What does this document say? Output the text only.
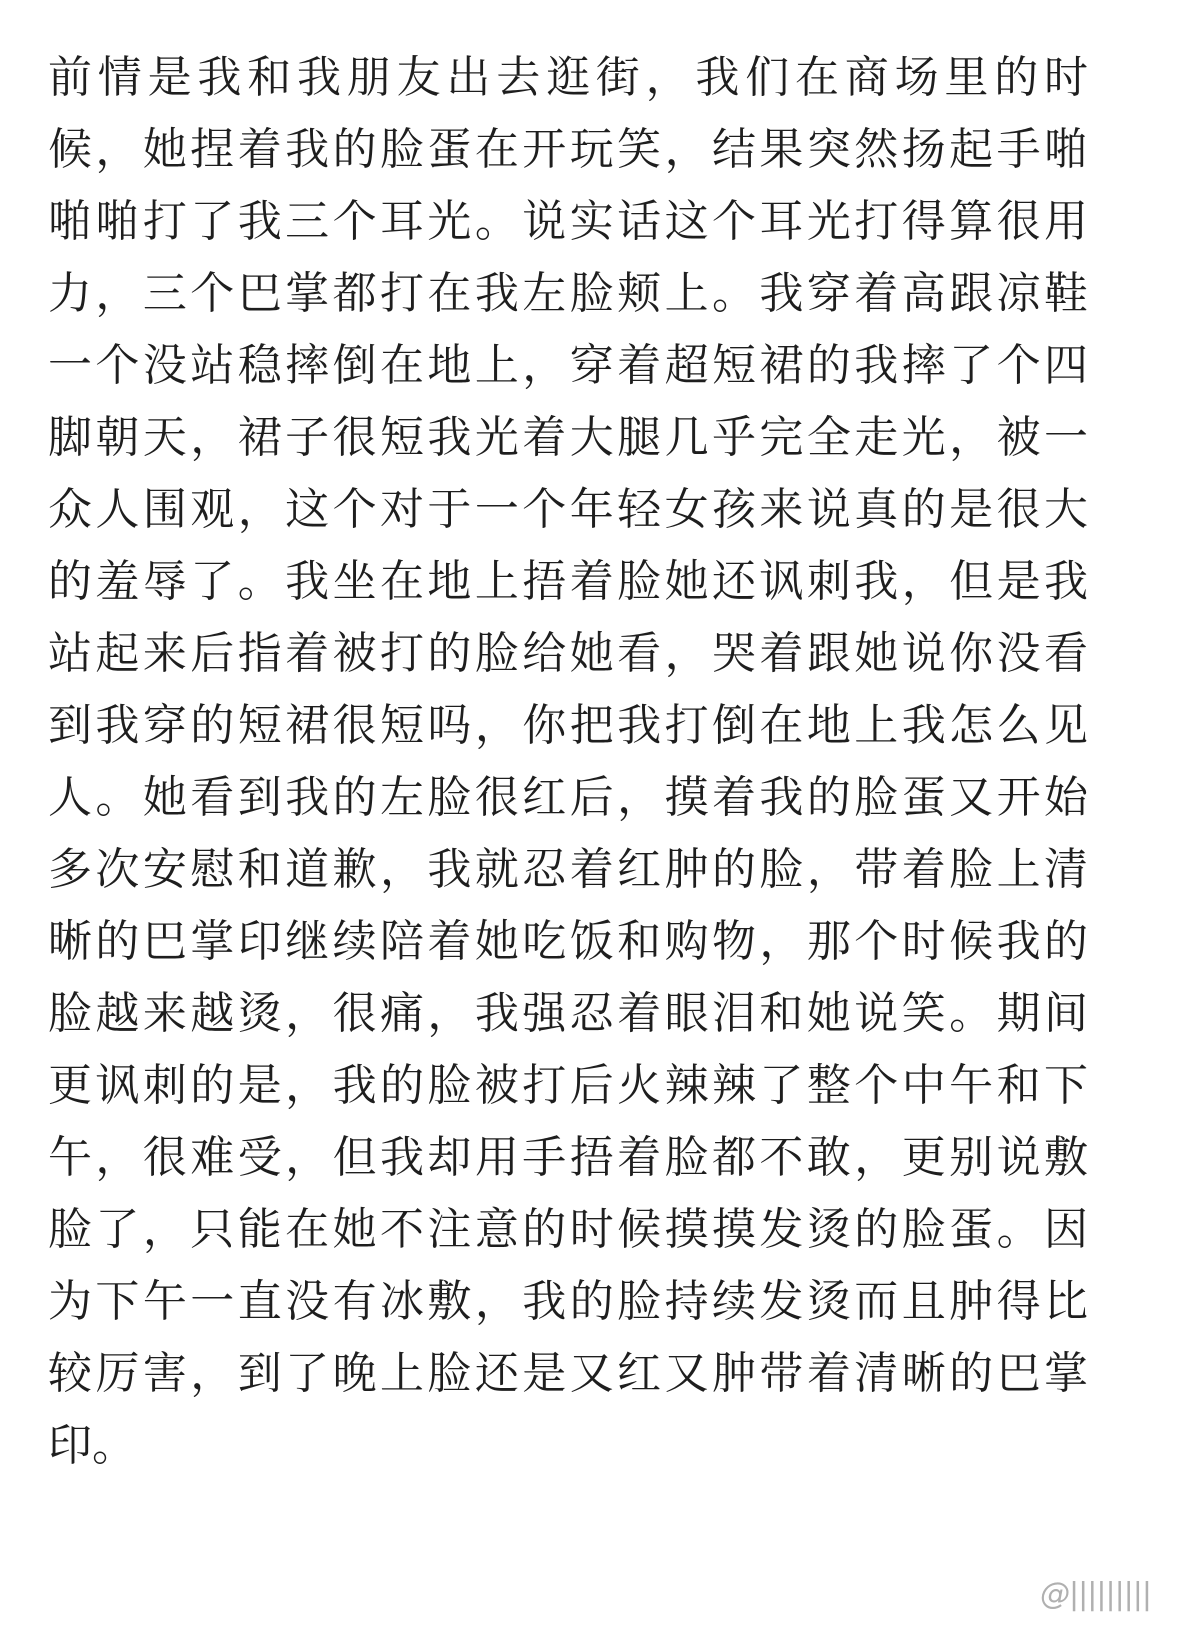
前情是我和我朋友出去逛街，我们在商场里的时
候，她捏着我的脸蛋在开玩笑，结果突然扬起手啪
啪啪打了我三个耳光。说实话这个耳光打得算很用
力，三个巴掌都打在我左脸颊上。我穿着高跟凉鞋
一个没站稳摔倒在地上，穿着超短裙的我摔了个四
脚朝天，裙子很短我光着大腿几乎完全走光，被一
众人围观，这个对于一个年轻女孩来说真的是很大
的羞辱了。我坐在地上捂着脸她还讽刺我，但是我
站起来后指着被打的脸给她看，哭着跟她说你没看
到我穿的短裙很短吗，你把我打倒在地上我怎么见
人。她看到我的左脸很红后，摸着我的脸蛋又开始
多次安慰和道歉，我就忍着红肿的脸，带着脸上清
晰的巴掌印继续陪着她吃饭和购物，那个时候我的
脸越来越烫，很痛，我强忍着眼泪和她说笑。期间
更讽刺的是，我的脸被打后火辣辣了整个中午和下
午，很难受，但我却用手捂着脸都不敢，更别说敷
脸了，只能在她不注意的时候摸摸发烫的脸蛋。因
为下午一直没有冰敷，我的脸持续发烫而且肿得比
较厉害，到了晚上脸还是又红又肿带着清晰的巴掌
印。
@|||||||||
